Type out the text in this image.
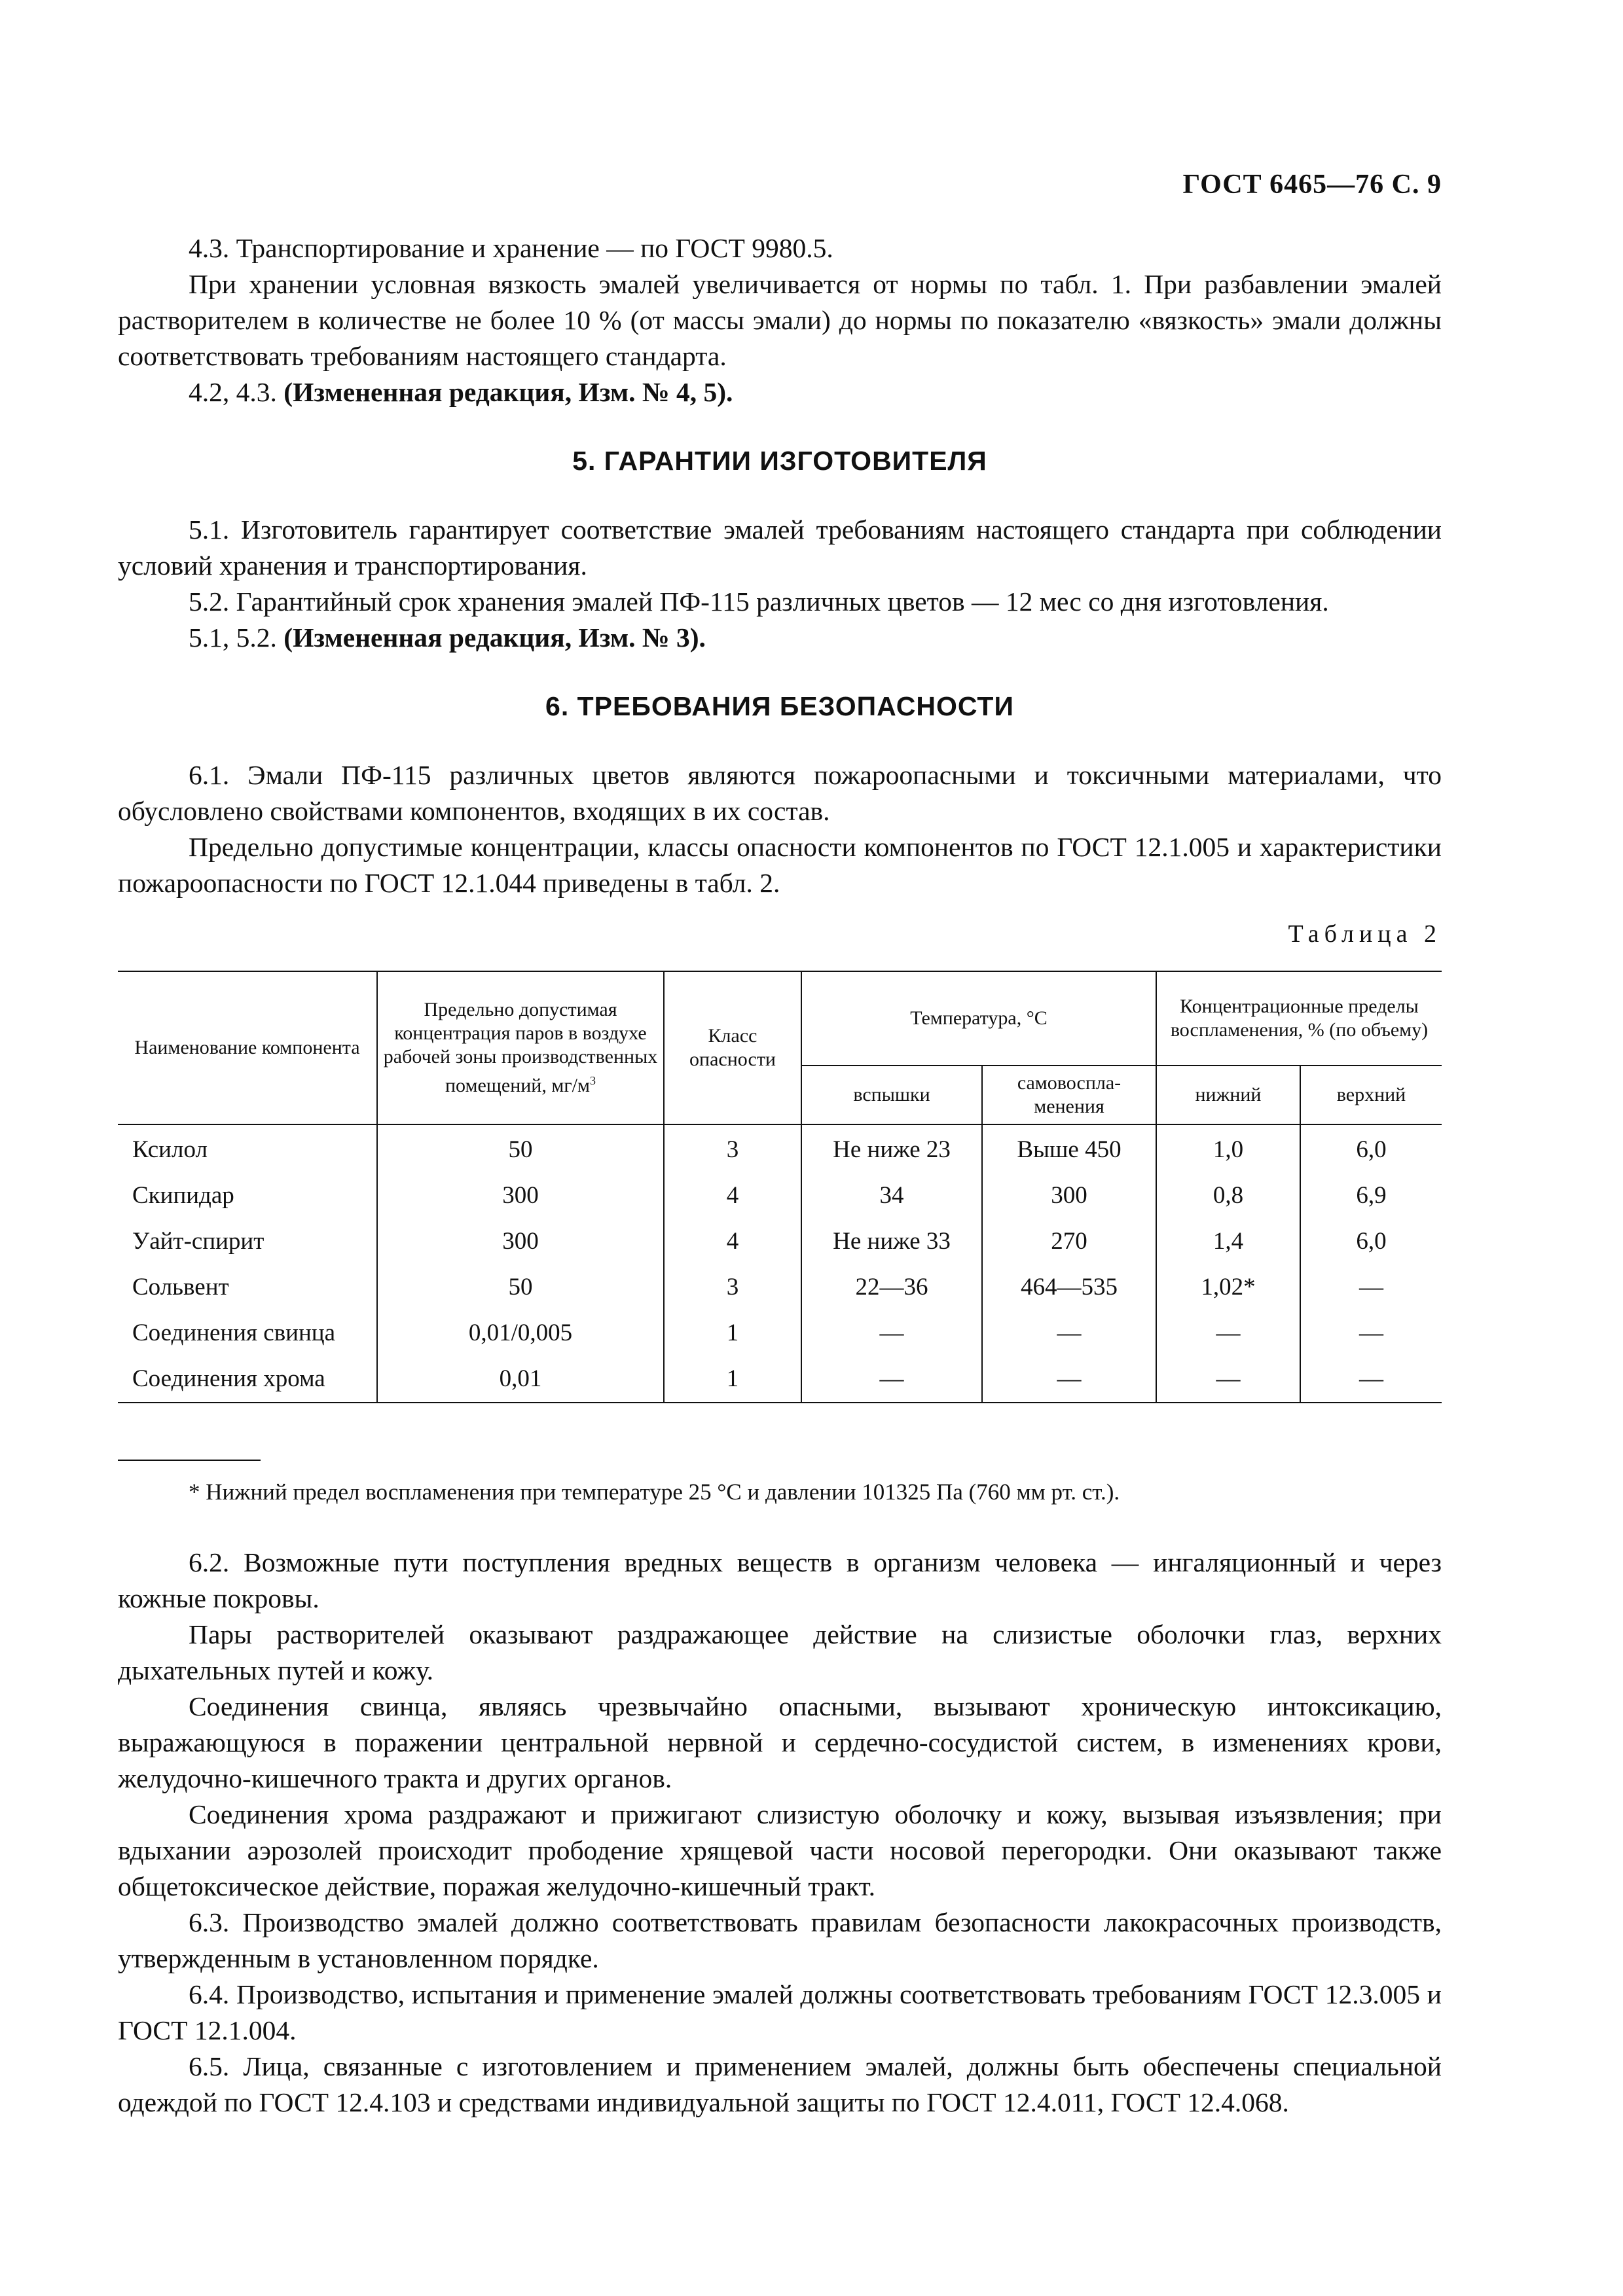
ГОСТ 6465—76 С. 9

4.3. Транспортирование и хранение — по ГОСТ 9980.5.

При хранении условная вязкость эмалей увеличивается от нормы по табл. 1. При разбавлении эмалей растворителем в количестве не более 10 % (от массы эмали) до нормы по показателю «вязкость» эмали должны соответствовать требованиям настоящего стандарта.

4.2, 4.3. (Измененная редакция, Изм. № 4, 5).

5. ГАРАНТИИ ИЗГОТОВИТЕЛЯ

5.1. Изготовитель гарантирует соответствие эмалей требованиям настоящего стандарта при соблюдении условий хранения и транспортирования.

5.2. Гарантийный срок хранения эмалей ПФ-115 различных цветов — 12 мес со дня изготовления.

5.1, 5.2. (Измененная редакция, Изм. № 3).

6. ТРЕБОВАНИЯ БЕЗОПАСНОСТИ

6.1. Эмали ПФ-115 различных цветов являются пожароопасными и токсичными материалами, что обусловлено свойствами компонентов, входящих в их состав.

Предельно допустимые концентрации, классы опасности компонентов по ГОСТ 12.1.005 и характеристики пожароопасности по ГОСТ 12.1.044 приведены в табл. 2.

Таблица 2
Наименование компонента	Предельно допустимая концентрация паров в воздухе рабочей зоны производственных помещений, $мг/м^3$	Класс опасности	Температура, °С		Концентрационные пределы воспламенения, % (по объему)	
			вспышки	самовоспламенения	нижний	верхний
Ксилол	50	3	Не ниже 23	Выше 450	1,0	6,0
Скипидар	300	4	34	300	0,8	6,9
Уайт-спирит	300	4	Не ниже 33	270	1,4	6,0
Сольвент	50	3	22—36	464—535	1,02*	—
Соединения свинца	0,01/0,005	1	—	—	—	—
Соединения хрома	0,01	1	—	—	—	—
* Нижний предел воспламенения при температуре 25 °С и давлении 101325 Па (760 мм рт. ст.).

6.2. Возможные пути поступления вредных веществ в организм человека — ингаляционный и через кожные покровы.

Пары растворителей оказывают раздражающее действие на слизистые оболочки глаз, верхних дыхательных путей и кожу.

Соединения свинца, являясь чрезвычайно опасными, вызывают хроническую интоксикацию, выражающуюся в поражении центральной нервной и сердечно-сосудистой систем, в изменениях крови, желудочно-кишечного тракта и других органов.

Соединения хрома раздражают и прижигают слизистую оболочку и кожу, вызывая изъязвления; при вдыхании аэрозолей происходит прободение хрящевой части носовой перегородки. Они оказывают также общетоксическое действие, поражая желудочно-кишечный тракт.

6.3. Производство эмалей должно соответствовать правилам безопасности лакокрасочных производств, утвержденным в установленном порядке.

6.4. Производство, испытания и применение эмалей должны соответствовать требованиям ГОСТ 12.3.005 и ГОСТ 12.1.004.

6.5. Лица, связанные с изготовлением и применением эмалей, должны быть обеспечены специальной одеждой по ГОСТ 12.4.103 и средствами индивидуальной защиты по ГОСТ 12.4.011, ГОСТ 12.4.068.
